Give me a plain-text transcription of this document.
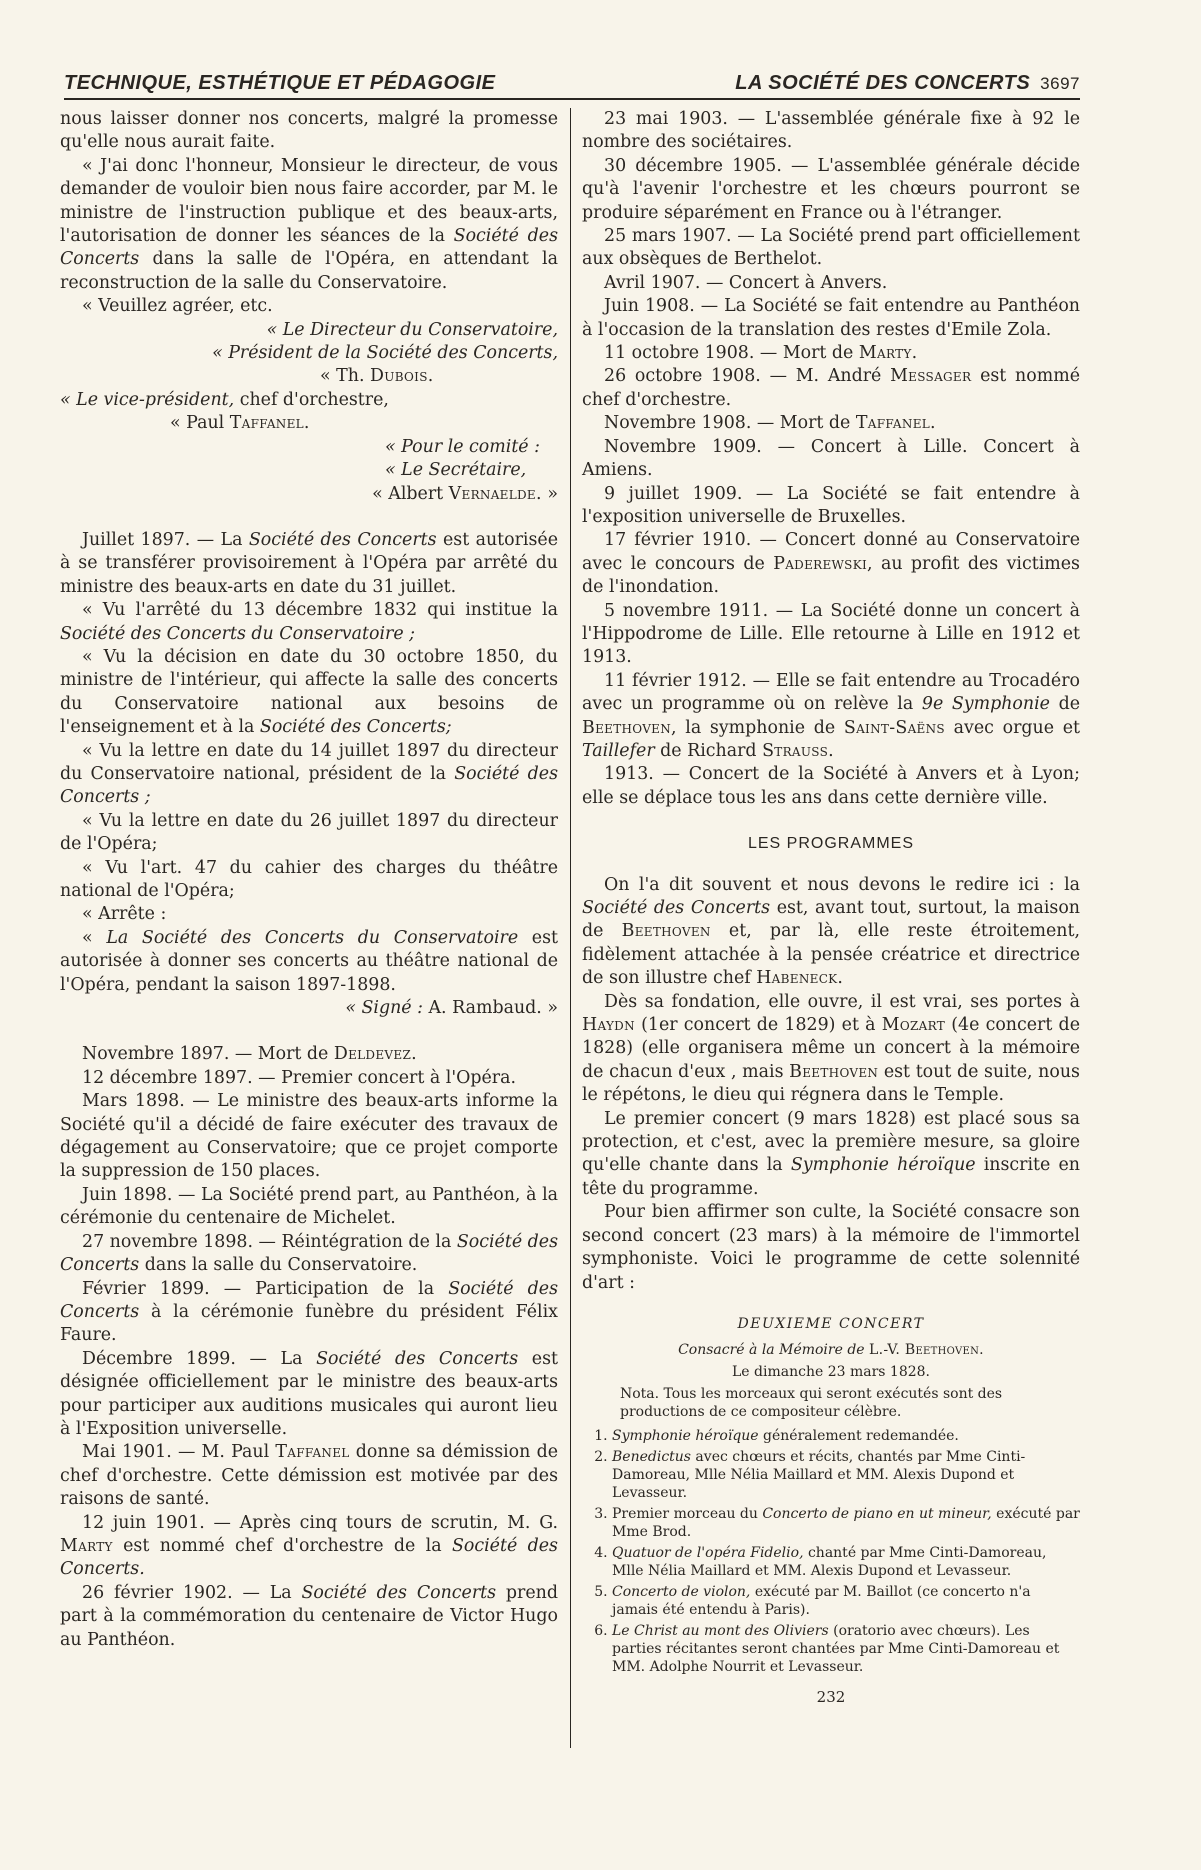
TECHNIQUE, ESTHÉTIQUE ET PÉDAGOGIE	LA SOCIÉTÉ DES CONCERTS 3697

nous laisser donner nos concerts, malgré la promesse qu'elle nous aurait faite.

« J'ai donc l'honneur, Monsieur le directeur, de vous demander de vouloir bien nous faire accorder, par M. le ministre de l'instruction publique et des beaux-arts, l'autorisation de donner les séances de la Société des Concerts dans la salle de l'Opéra, en attendant la reconstruction de la salle du Conservatoire.

« Veuillez agréer, etc.

« Le Directeur du Conservatoire,

« Président de la Société des Concerts,

« Th. Dubois.

« Le vice-président, chef d'orchestre,

« Paul Taffanel.

« Pour le comité :

« Le Secrétaire,

« Albert Vernaelde. »

Juillet 1897. — La Société des Concerts est autorisée à se transférer provisoirement à l'Opéra par arrêté du ministre des beaux-arts en date du 31 juillet.

« Vu l'arrêté du 13 décembre 1832 qui institue la Société des Concerts du Conservatoire ;

« Vu la décision en date du 30 octobre 1850, du ministre de l'intérieur, qui affecte la salle des concerts du Conservatoire national aux besoins de l'enseignement et à la Société des Concerts;

« Vu la lettre en date du 14 juillet 1897 du directeur du Conservatoire national, président de la Société des Concerts ;

« Vu la lettre en date du 26 juillet 1897 du directeur de l'Opéra;

« Vu l'art. 47 du cahier des charges du théâtre national de l'Opéra;

« Arrête :

« La Société des Concerts du Conservatoire est autorisée à donner ses concerts au théâtre national de l'Opéra, pendant la saison 1897-1898.

« Signé : A. Rambaud. »

Novembre 1897. — Mort de Deldevez.

12 décembre 1897. — Premier concert à l'Opéra.

Mars 1898. — Le ministre des beaux-arts informe la Société qu'il a décidé de faire exécuter des travaux de dégagement au Conservatoire; que ce projet comporte la suppression de 150 places.

Juin 1898. — La Société prend part, au Panthéon, à la cérémonie du centenaire de Michelet.

27 novembre 1898. — Réintégration de la Société des Concerts dans la salle du Conservatoire.

Février 1899. — Participation de la Société des Concerts à la cérémonie funèbre du président Félix Faure.

Décembre 1899. — La Société des Concerts est désignée officiellement par le ministre des beaux-arts pour participer aux auditions musicales qui auront lieu à l'Exposition universelle.

Mai 1901. — M. Paul Taffanel donne sa démission de chef d'orchestre. Cette démission est motivée par des raisons de santé.

12 juin 1901. — Après cinq tours de scrutin, M. G. Marty est nommé chef d'orchestre de la Société des Concerts.

26 février 1902. — La Société des Concerts prend part à la commémoration du centenaire de Victor Hugo au Panthéon.

23 mai 1903. — L'assemblée générale fixe à 92 le nombre des sociétaires.

30 décembre 1905. — L'assemblée générale décide qu'à l'avenir l'orchestre et les chœurs pourront se produire séparément en France ou à l'étranger.

25 mars 1907. — La Société prend part officiellement aux obsèques de Berthelot.

Avril 1907. — Concert à Anvers.

Juin 1908. — La Société se fait entendre au Panthéon à l'occasion de la translation des restes d'Emile Zola.

11 octobre 1908. — Mort de Marty.

26 octobre 1908. — M. André Messager est nommé chef d'orchestre.

Novembre 1908. — Mort de Taffanel.

Novembre 1909. — Concert à Lille. Concert à Amiens.

9 juillet 1909. — La Société se fait entendre à l'exposition universelle de Bruxelles.

17 février 1910. — Concert donné au Conservatoire avec le concours de Paderewski, au profit des victimes de l'inondation.

5 novembre 1911. — La Société donne un concert à l'Hippodrome de Lille. Elle retourne à Lille en 1912 et 1913.

11 février 1912. — Elle se fait entendre au Trocadéro avec un programme où on relève la 9e Symphonie de Beethoven, la symphonie de Saint-Saëns avec orgue et Taillefer de Richard Strauss.

1913. — Concert de la Société à Anvers et à Lyon; elle se déplace tous les ans dans cette dernière ville.

LES PROGRAMMES

On l'a dit souvent et nous devons le redire ici : la Société des Concerts est, avant tout, surtout, la maison de Beethoven et, par là, elle reste étroitement, fidèlement attachée à la pensée créatrice et directrice de son illustre chef Habeneck.

Dès sa fondation, elle ouvre, il est vrai, ses portes à Haydn (1er concert de 1829) et à Mozart (4e concert de 1828) (elle organisera même un concert à la mémoire de chacun d'eux , mais Beethoven est tout de suite, nous le répétons, le dieu qui régnera dans le Temple.

Le premier concert (9 mars 1828) est placé sous sa protection, et c'est, avec la première mesure, sa gloire qu'elle chante dans la Symphonie héroïque inscrite en tête du programme.

Pour bien affirmer son culte, la Société consacre son second concert (23 mars) à la mémoire de l'immortel symphoniste. Voici le programme de cette solennité d'art :

DEUXIEME CONCERT
Consacré à la Mémoire de L.-V. Beethoven.
Le dimanche 23 mars 1828.
Nota. Tous les morceaux qui seront exécutés sont des productions de ce compositeur célèbre.
1. Symphonie héroïque généralement redemandée.
2. Benedictus avec chœurs et récits, chantés par Mme Cinti-Damoreau, Mlle Nélia Maillard et MM. Alexis Dupond et Levasseur.
3. Premier morceau du Concerto de piano en ut mineur, exécuté par Mme Brod.
4. Quatuor de l'opéra Fidelio, chanté par Mme Cinti-Damoreau, Mlle Nélia Maillard et MM. Alexis Dupond et Levasseur.
5. Concerto de violon, exécuté par M. Baillot (ce concerto n'a jamais été entendu à Paris).
6. Le Christ au mont des Oliviers (oratorio avec chœurs). Les parties récitantes seront chantées par Mme Cinti-Damoreau et MM. Adolphe Nourrit et Levasseur.
232
